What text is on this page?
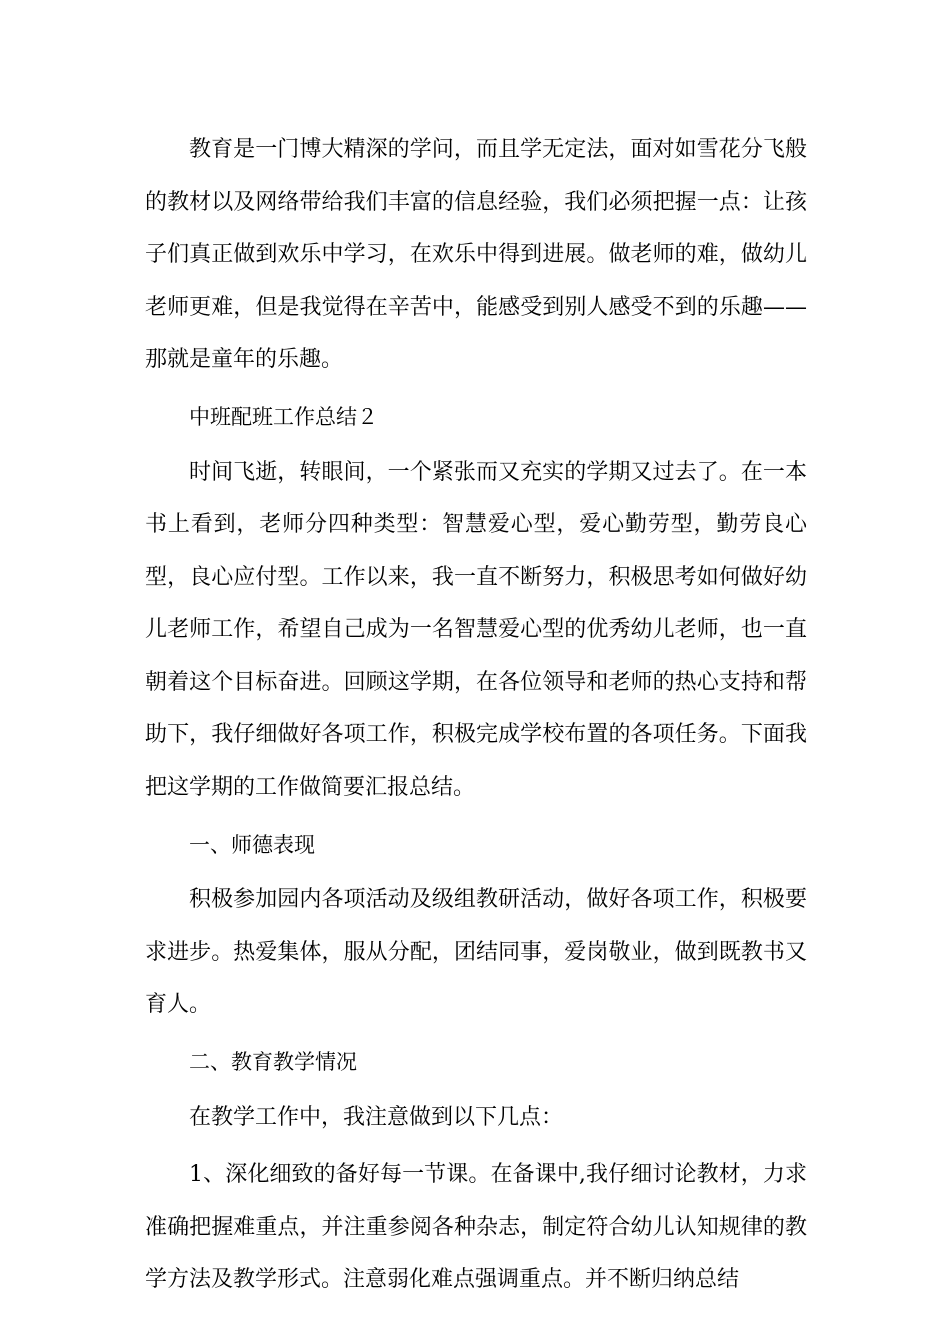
教育是一门博大精深的学问，而且学无定法，面对如雪花分飞般的教材以及网络带给我们丰富的信息经验，我们必须把握一点：让孩子们真正做到欢乐中学习，在欢乐中得到进展。做老师的难，做幼儿老师更难，但是我觉得在辛苦中，能感受到别人感受不到的乐趣——那就是童年的乐趣。

中班配班工作总结２

时间飞逝，转眼间，一个紧张而又充实的学期又过去了。在一本书上看到，老师分四种类型：智慧爱心型，爱心勤劳型，勤劳良心型，良心应付型。工作以来，我一直不断努力，积极思考如何做好幼儿老师工作，希望自己成为一名智慧爱心型的优秀幼儿老师，也一直朝着这个目标奋进。回顾这学期，在各位领导和老师的热心支持和帮助下，我仔细做好各项工作，积极完成学校布置的各项任务。下面我把这学期的工作做简要汇报总结。

一、师德表现

积极参加园内各项活动及级组教研活动，做好各项工作，积极要求进步。热爱集体，服从分配，团结同事，爱岗敬业，做到既教书又育人。

二、教育教学情况

在教学工作中，我注意做到以下几点：

1、深化细致的备好每一节课。在备课中,我仔细讨论教材，力求准确把握难重点，并注重参阅各种杂志，制定符合幼儿认知规律的教学方法及教学形式。注意弱化难点强调重点。并不断归纳总结
